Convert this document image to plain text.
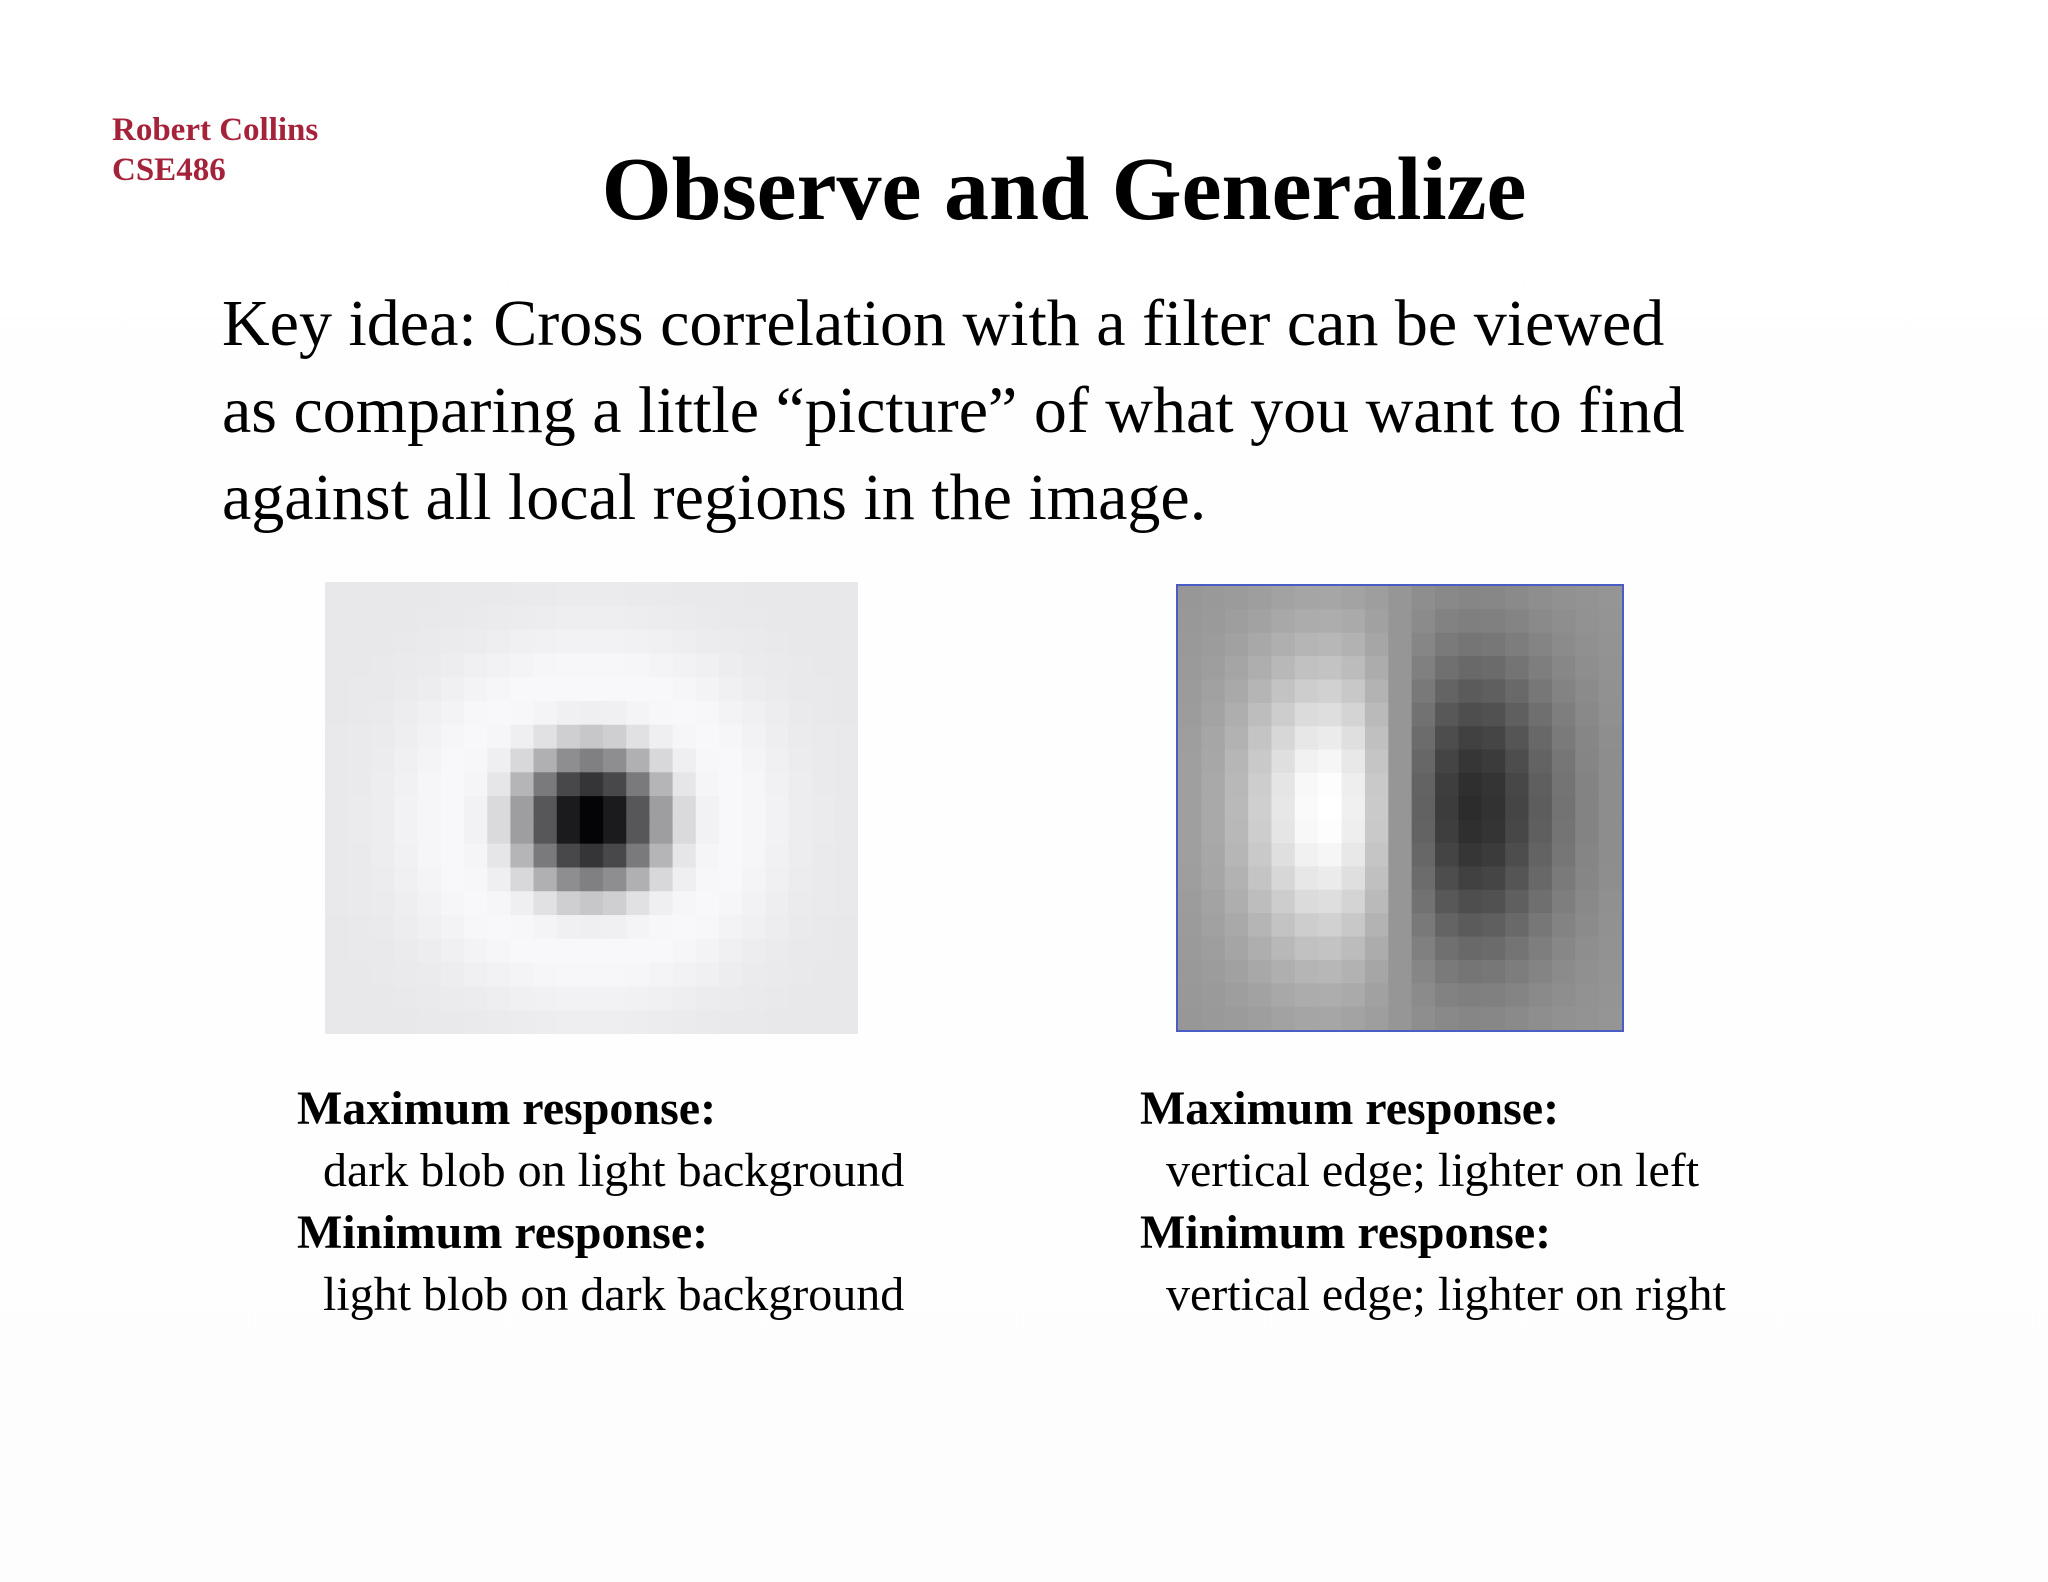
Robert Collins
CSE486	Observe and Generalize

Key idea: Cross correlation with a filter can be viewed
as comparing a little “picture” of what you want to find
against all local regions in the image.

Maximum response:
dark blob on light background
Minimum response:
light blob on dark background
Maximum response:
vertical edge; lighter on left
Minimum response:
vertical edge; lighter on right
